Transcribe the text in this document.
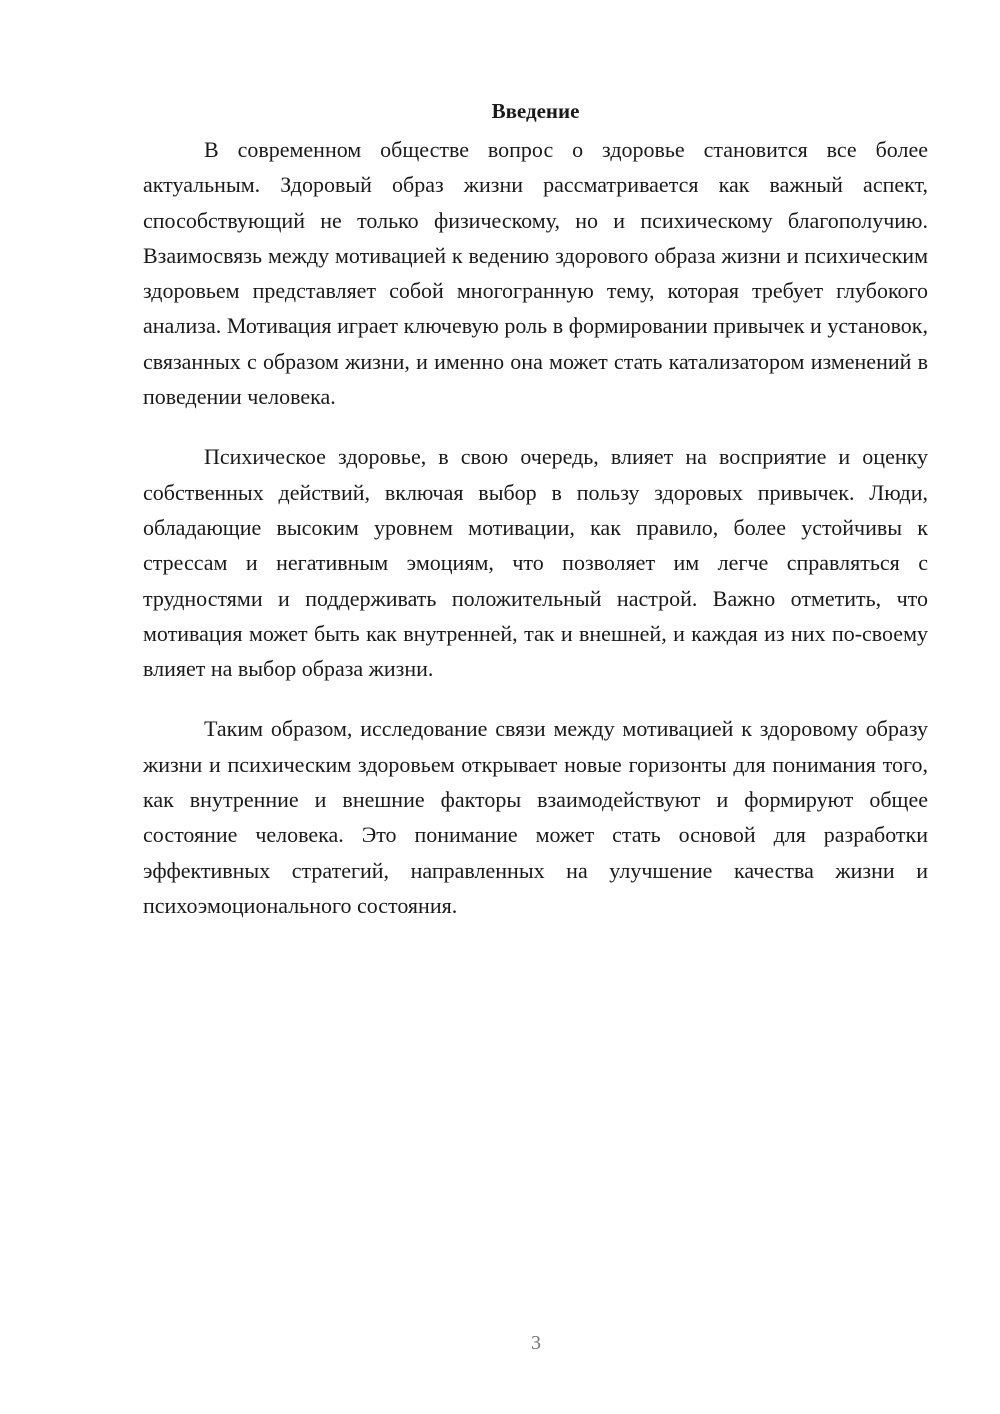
Введение

В современном обществе вопрос о здоровье становится все более актуальным. Здоровый образ жизни рассматривается как важный аспект, способствующий не только физическому, но и психическому благополучию. Взаимосвязь между мотивацией к ведению здорового образа жизни и психическим здоровьем представляет собой многогранную тему, которая требует глубокого анализа. Мотивация играет ключевую роль в формировании привычек и установок, связанных с образом жизни, и именно она может стать катализатором изменений в поведении человека.

Психическое здоровье, в свою очередь, влияет на восприятие и оценку собственных действий, включая выбор в пользу здоровых привычек. Люди, обладающие высоким уровнем мотивации, как правило, более устойчивы к стрессам и негативным эмоциям, что позволяет им легче справляться с трудностями и поддерживать положительный настрой. Важно отметить, что мотивация может быть как внутренней, так и внешней, и каждая из них по-своему влияет на выбор образа жизни.

Таким образом, исследование связи между мотивацией к здоровому образу жизни и психическим здоровьем открывает новые горизонты для понимания того, как внутренние и внешние факторы взаимодействуют и формируют общее состояние человека. Это понимание может стать основой для разработки эффективных стратегий, направленных на улучшение качества жизни и психоэмоционального состояния.

3
